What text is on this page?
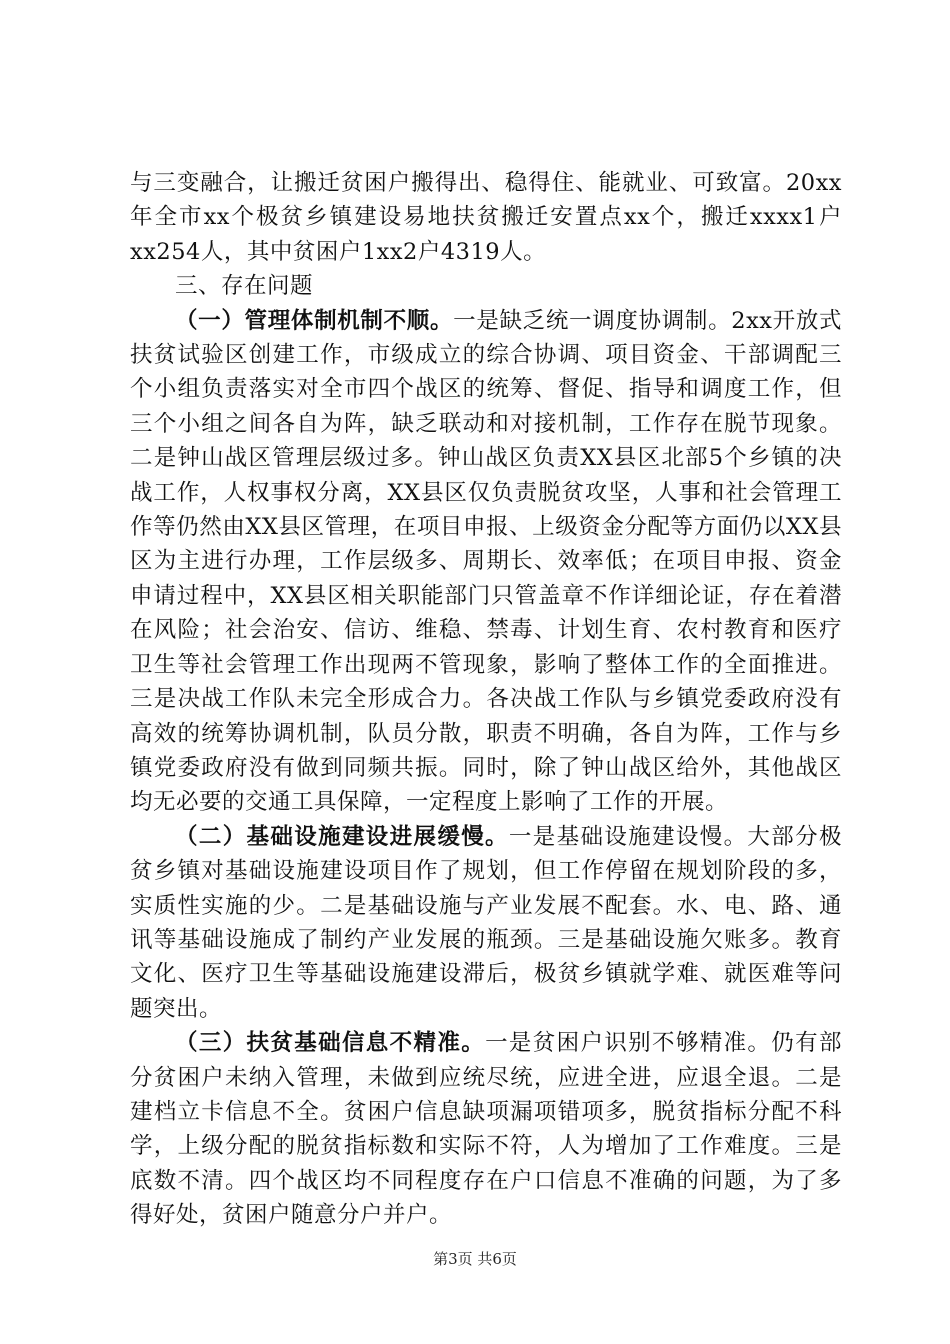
与三变融合，让搬迁贫困户搬得出、稳得住、能就业、可致富。20xx年全市xx个极贫乡镇建设易地扶贫搬迁安置点xx个，搬迁xxxx1户xx254人，其中贫困户1xx2户4319人。

三、存在问题

（一）管理体制机制不顺。一是缺乏统一调度协调制。2xx开放式扶贫试验区创建工作，市级成立的综合协调、项目资金、干部调配三个小组负责落实对全市四个战区的统筹、督促、指导和调度工作，但三个小组之间各自为阵，缺乏联动和对接机制，工作存在脱节现象。二是钟山战区管理层级过多。钟山战区负责XX县区北部5个乡镇的决战工作，人权事权分离，XX县区仅负责脱贫攻坚，人事和社会管理工作等仍然由XX县区管理，在项目申报、上级资金分配等方面仍以XX县区为主进行办理，工作层级多、周期长、效率低；在项目申报、资金申请过程中，XX县区相关职能部门只管盖章不作详细论证，存在着潜在风险；社会治安、信访、维稳、禁毒、计划生育、农村教育和医疗卫生等社会管理工作出现两不管现象，影响了整体工作的全面推进。三是决战工作队未完全形成合力。各决战工作队与乡镇党委政府没有高效的统筹协调机制，队员分散，职责不明确，各自为阵，工作与乡镇党委政府没有做到同频共振。同时，除了钟山战区给外，其他战区均无必要的交通工具保障，一定程度上影响了工作的开展。

（二）基础设施建设进展缓慢。一是基础设施建设慢。大部分极贫乡镇对基础设施建设项目作了规划，但工作停留在规划阶段的多，实质性实施的少。二是基础设施与产业发展不配套。水、电、路、通讯等基础设施成了制约产业发展的瓶颈。三是基础设施欠账多。教育文化、医疗卫生等基础设施建设滞后，极贫乡镇就学难、就医难等问题突出。

（三）扶贫基础信息不精准。一是贫困户识别不够精准。仍有部分贫困户未纳入管理，未做到应统尽统，应进全进，应退全退。二是建档立卡信息不全。贫困户信息缺项漏项错项多，脱贫指标分配不科学，上级分配的脱贫指标数和实际不符，人为增加了工作难度。三是底数不清。四个战区均不同程度存在户口信息不准确的问题，为了多得好处，贫困户随意分户并户。

第3页 共6页
